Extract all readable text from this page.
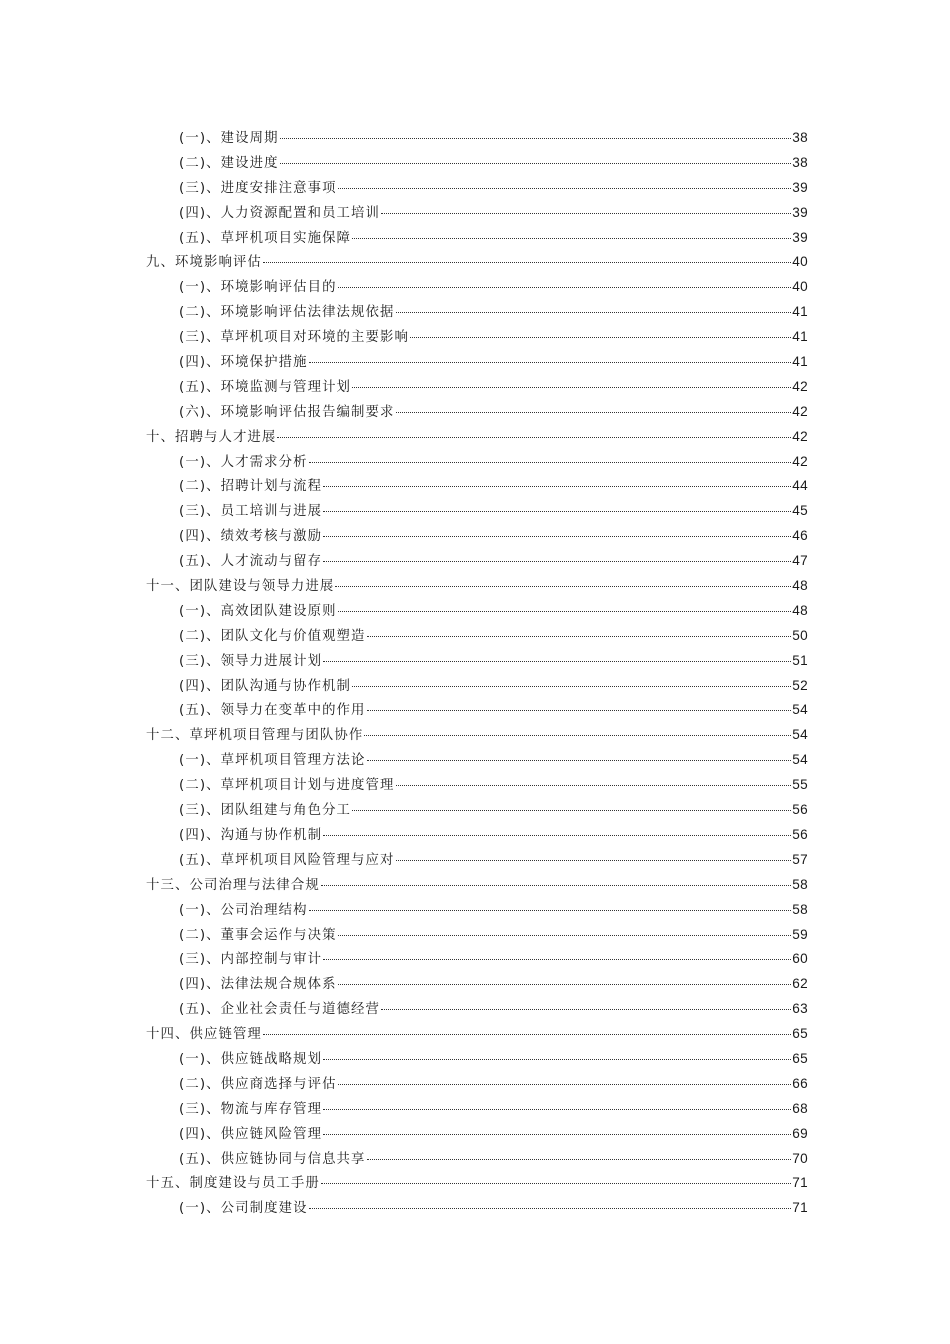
(一)、建设周期	38
(二)、建设进度	38
(三)、进度安排注意事项	39
(四)、人力资源配置和员工培训	39
(五)、草坪机项目实施保障	39
九、环境影响评估	40
(一)、环境影响评估目的	40
(二)、环境影响评估法律法规依据	41
(三)、草坪机项目对环境的主要影响	41
(四)、环境保护措施	41
(五)、环境监测与管理计划	42
(六)、环境影响评估报告编制要求	42
十、招聘与人才进展	42
(一)、人才需求分析	42
(二)、招聘计划与流程	44
(三)、员工培训与进展	45
(四)、绩效考核与激励	46
(五)、人才流动与留存	47
十一、团队建设与领导力进展	48
(一)、高效团队建设原则	48
(二)、团队文化与价值观塑造	50
(三)、领导力进展计划	51
(四)、团队沟通与协作机制	52
(五)、领导力在变革中的作用	54
十二、草坪机项目管理与团队协作	54
(一)、草坪机项目管理方法论	54
(二)、草坪机项目计划与进度管理	55
(三)、团队组建与角色分工	56
(四)、沟通与协作机制	56
(五)、草坪机项目风险管理与应对	57
十三、公司治理与法律合规	58
(一)、公司治理结构	58
(二)、董事会运作与决策	59
(三)、内部控制与审计	60
(四)、法律法规合规体系	62
(五)、企业社会责任与道德经营	63
十四、供应链管理	65
(一)、供应链战略规划	65
(二)、供应商选择与评估	66
(三)、物流与库存管理	68
(四)、供应链风险管理	69
(五)、供应链协同与信息共享	70
十五、制度建设与员工手册	71
(一)、公司制度建设	71
